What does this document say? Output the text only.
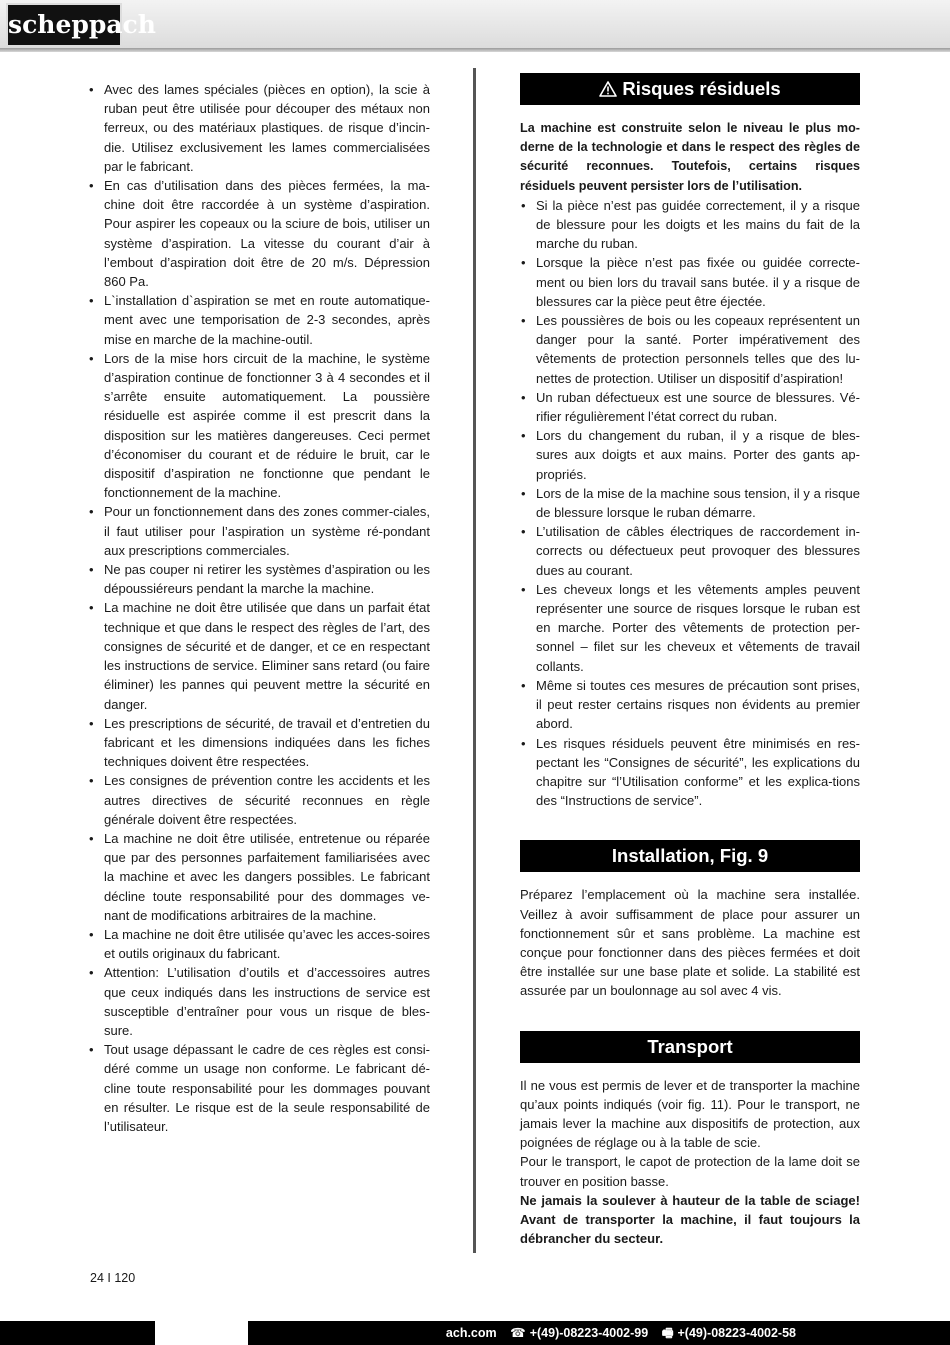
scheppach
• Avec des lames spéciales (pièces en option), la scie à ruban peut être utilisée pour découper des métaux non ferreux, ou des matériaux plastiques. de risque d’incin-die. Utilisez exclusivement les lames commercialisées par le fabricant.
• En cas d’utilisation dans des pièces fermées, la ma-chine doit être raccordée à un système d’aspiration. Pour aspirer les copeaux ou la sciure de bois, utiliser un système d’aspiration. La vitesse du courant d’air à l’embout d’aspiration doit être de 20 m/s. Dépression 860 Pa.
• L`installation d`aspiration se met en route automatique-ment avec une temporisation de 2-3 secondes, après mise en marche de la machine-outil.
• Lors de la mise hors circuit de la machine, le système d’aspiration continue de fonctionner 3 à 4 secondes et il s’arrête ensuite automatiquement. La poussière résiduelle est aspirée comme il est prescrit dans la disposition sur les matières dangereuses. Ceci permet d’économiser du courant et de réduire le bruit, car le dispositif d’aspiration ne fonctionne que pendant le fonctionnement de la machine.
• Pour un fonctionnement dans des zones commer-ciales, il faut utiliser pour l’aspiration un système ré-pondant aux prescriptions commerciales.
• Ne pas couper ni retirer les systèmes d’aspiration ou les dépoussiéreurs pendant la marche la machine.
• La machine ne doit être utilisée que dans un parfait état technique et que dans le respect des règles de l’art, des consignes de sécurité et de danger, et ce en respectant les instructions de service. Eliminer sans retard (ou faire éliminer) les pannes qui peuvent mettre la sécurité en danger.
• Les prescriptions de sécurité, de travail et d’entretien du fabricant et les dimensions indiquées dans les fiches techniques doivent être respectées.
• Les consignes de prévention contre les accidents et les autres directives de sécurité reconnues en règle générale doivent être respectées.
• La machine ne doit être utilisée, entretenue ou réparée que par des personnes parfaitement familiarisées avec la machine et avec les dangers possibles. Le fabricant décline toute responsabilité pour des dommages ve-nant de modifications arbitraires de la machine.
• La machine ne doit être utilisée qu’avec les acces-soires et outils originaux du fabricant.
• Attention: L’utilisation d’outils et d’accessoires autres que ceux indiqués dans les instructions de service est susceptible d’entraîner pour vous un risque de bles-sure.
• Tout usage dépassant le cadre de ces règles est consi-déré comme un usage non conforme. Le fabricant dé-cline toute responsabilité pour les dommages pouvant en résulter. Le risque est de la seule responsabilité de l’utilisateur.
Risques résiduels
La machine est construite selon le niveau le plus mo-derne de la technologie et dans le respect des règles de sécurité reconnues. Toutefois, certains risques résiduels peuvent persister lors de l’utilisation.
• Si la pièce n’est pas guidée correctement, il y a risque de blessure pour les doigts et les mains du fait de la marche du ruban.
• Lorsque la pièce n’est pas fixée ou guidée correcte-ment ou bien lors du travail sans butée. il y a risque de blessures car la pièce peut être éjectée.
• Les poussières de bois ou les copeaux représentent un danger pour la santé. Porter impérativement des vêtements de protection personnels telles que des lu-nettes de protection. Utiliser un dispositif d’aspiration!
• Un ruban défectueux est une source de blessures. Vé-rifier régulièrement l’état correct du ruban.
• Lors du changement du ruban, il y a risque de bles-sures aux doigts et aux mains. Porter des gants ap-propriés.
• Lors de la mise de la machine sous tension, il y a risque de blessure lorsque le ruban démarre.
• L’utilisation de câbles électriques de raccordement in-corrects ou défectueux peut provoquer des blessures dues au courant.
• Les cheveux longs et les vêtements amples peuvent représenter une source de risques lorsque le ruban est en marche. Porter des vêtements de protection per-sonnel – filet sur les cheveux et vêtements de travail collants.
• Même si toutes ces mesures de précaution sont prises, il peut rester certains risques non évidents au premier abord.
• Les risques résiduels peuvent être minimisés en res-pectant les “Consignes de sécurité”, les explications du chapitre sur “l’Utilisation conforme” et les explica-tions des “Instructions de service”.
Installation, Fig. 9

Préparez l’emplacement où la machine sera installée. Veillez à avoir suffisamment de place pour assurer un fonctionnement sûr et sans problème. La machine est conçue pour fonctionner dans des pièces fermées et doit être installée sur une base plate et solide. La stabilité est assurée par un boulonnage au sol avec 4 vis.

Transport

Il ne vous est permis de lever et de transporter la machine qu’aux points indiqués (voir fig. 11). Pour le transport, ne jamais lever la machine aux dispositifs de protection, aux poignées de réglage ou à la table de scie.

Pour le transport, le capot de protection de la lame doit se trouver en position basse.

Ne jamais la soulever à hauteur de la table de sciage! Avant de transporter la machine, il faut toujours la débrancher du secteur.

24 I 120
ach.com ☎ +(49)-08223-4002-99 🖷 +(49)-08223-4002-58
